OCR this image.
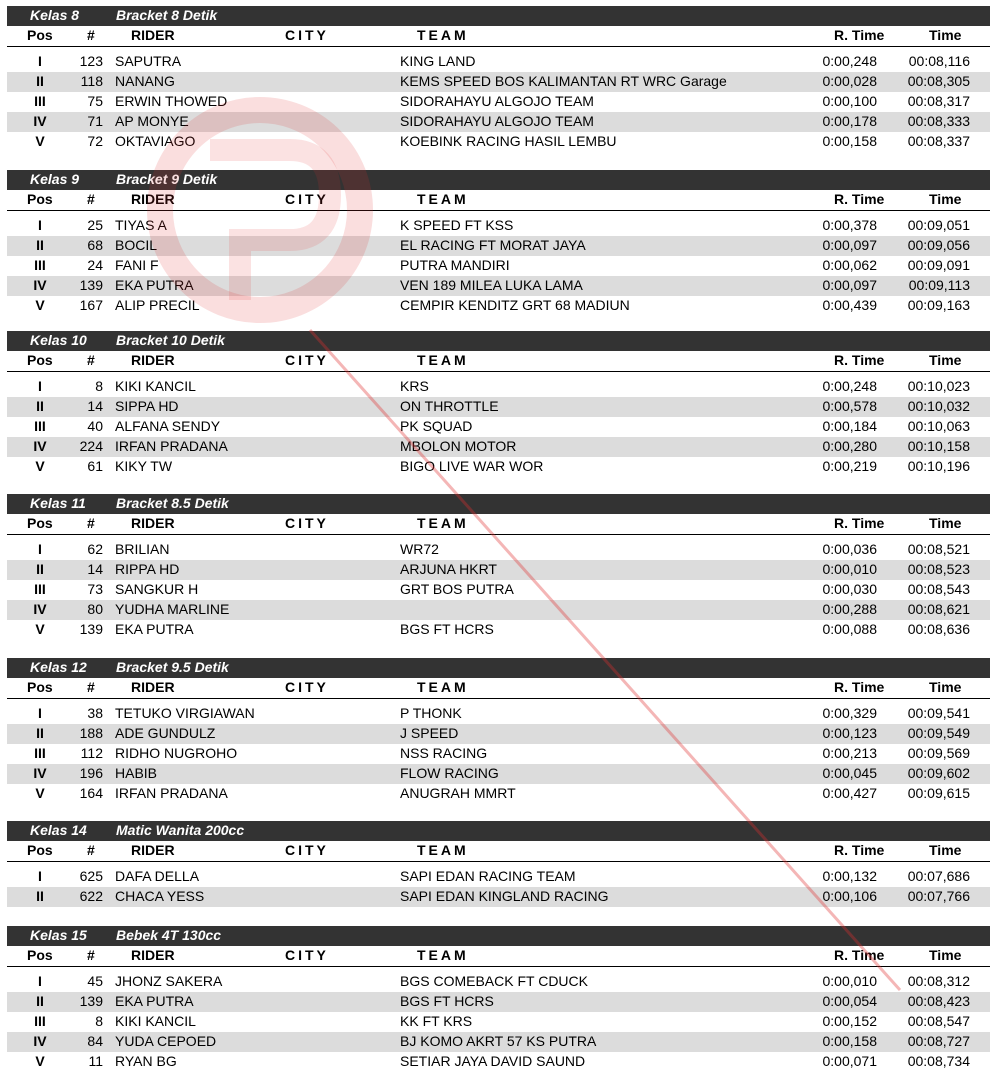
Kelas 8	Bracket 8 Detik
Pos #	RIDER	CITY	TEAM	R. Time	Time
I	123 SAPUTRA	KING LAND	0:00,248	00:08,116
II	118 NANANG	KEMS SPEED BOS KALIMANTAN RT WRC Garage	0:00,028	00:08,305
III	75 ERWIN THOWED	SIDORAHAYU ALGOJO TEAM	0:00,100	00:08,317
IV	71 AP MONYE	SIDORAHAYU ALGOJO TEAM	0:00,178	00:08,333
V	72 OKTAVIAGO	KOEBINK RACING HASIL LEMBU	0:00,158	00:08,337
Kelas 9	Bracket 9 Detik
Pos #	RIDER	CITY	TEAM	R. Time	Time
I	25 TIYAS A	K SPEED FT KSS	0:00,378	00:09,051
II	68 BOCIL	EL RACING FT MORAT JAYA	0:00,097	00:09,056
III	24 FANI F	PUTRA MANDIRI	0:00,062	00:09,091
IV	139 EKA PUTRA	VEN 189 MILEA LUKA LAMA	0:00,097	00:09,113
V	167 ALIP PRECIL	CEMPIR KENDITZ GRT 68 MADIUN	0:00,439	00:09,163
Kelas 10 Bracket 10 Detik
Pos #	RIDER	CITY	TEAM	R. Time	Time
I	8 KIKI KANCIL	KRS	0:00,248	00:10,023
II	14 SIPPA HD	ON THROTTLE	0:00,578	00:10,032
III	40 ALFANA SENDY	PK SQUAD	0:00,184	00:10,063
IV	224 IRFAN PRADANA	MBOLON MOTOR	0:00,280	00:10,158
V	61 KIKY TW	BIGO LIVE WAR WOR	0:00,219	00:10,196
Kelas 11 Bracket 8.5 Detik
Pos #	RIDER	CITY	TEAM	R. Time	Time
I	62 BRILIAN	WR72	0:00,036	00:08,521
II	14 RIPPA HD	ARJUNA HKRT	0:00,010	00:08,523
III	73 SANGKUR H	GRT BOS PUTRA	0:00,030	00:08,543
IV	80 YUDHA MARLINE	0:00,288	00:08,621
V	139 EKA PUTRA	BGS FT HCRS	0:00,088	00:08,636
Kelas 12 Bracket 9.5 Detik
Pos #	RIDER	CITY	TEAM	R. Time	Time
I	38 TETUKO VIRGIAWAN	P THONK	0:00,329	00:09,541
II	188 ADE GUNDULZ	J SPEED	0:00,123	00:09,549
III	112 RIDHO NUGROHO	NSS RACING	0:00,213	00:09,569
IV	196 HABIB	FLOW RACING	0:00,045	00:09,602
V	164 IRFAN PRADANA	ANUGRAH MMRT	0:00,427	00:09,615
Kelas 14 Matic Wanita 200cc
Pos #	RIDER	CITY	TEAM	R. Time	Time
I	625 DAFA DELLA	SAPI EDAN RACING TEAM	0:00,132	00:07,686
II	622 CHACA YESS	SAPI EDAN KINGLAND RACING	0:00,106	00:07,766
Kelas 15 Bebek 4T 130cc
Pos #	RIDER	CITY	TEAM	R. Time	Time
I	45 JHONZ SAKERA	BGS COMEBACK FT CDUCK	0:00,010	00:08,312
II	139 EKA PUTRA	BGS FT HCRS	0:00,054	00:08,423
III	8 KIKI KANCIL	KK FT KRS	0:00,152	00:08,547
IV	84 YUDA CEPOED	BJ KOMO AKRT 57 KS PUTRA	0:00,158	00:08,727
V	11 RYAN BG	SETIAR JAYA DAVID SAUND	0:00,071	00:08,734
